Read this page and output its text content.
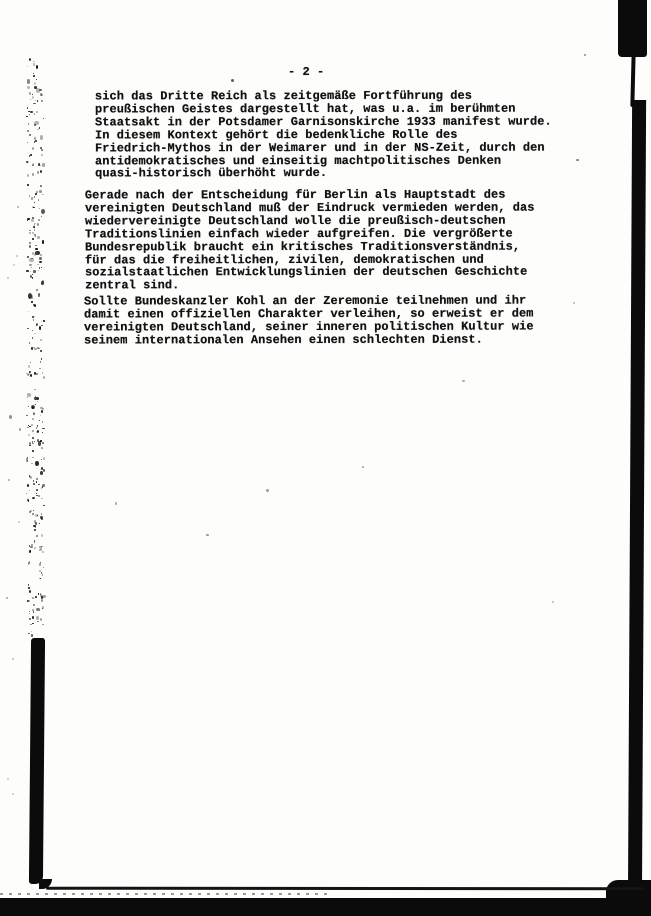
- 2 -
sich das Dritte Reich als zeitgemäße Fortführung des
preußischen Geistes dargestellt hat, was u.a. im berühmten
Staatsakt in der Potsdamer Garnisonskirche 1933 manifest wurde.
In diesem Kontext gehört die bedenkliche Rolle des
Friedrich-Mythos in der Weimarer und in der NS-Zeit, durch den
antidemokratisches und einseitig machtpolitisches Denken
quasi-historisch überhöht wurde.
Gerade nach der Entscheidung für Berlin als Hauptstadt des
vereinigten Deutschland muß der Eindruck vermieden werden, das
wiedervereinigte Deutschland wolle die preußisch-deutschen
Traditionslinien einfach wieder aufgreifen. Die vergrößerte
Bundesrepublik braucht ein kritisches Traditionsverständnis,
für das die freiheitlichen, zivilen, demokratischen und
sozialstaatlichen Entwicklungslinien der deutschen Geschichte
zentral sind.
Sollte Bundeskanzler Kohl an der Zeremonie teilnehmen und ihr
damit einen offiziellen Charakter verleihen, so erweist er dem
vereinigten Deutschland, seiner inneren politischen Kultur wie
seinem internationalen Ansehen einen schlechten Dienst.
